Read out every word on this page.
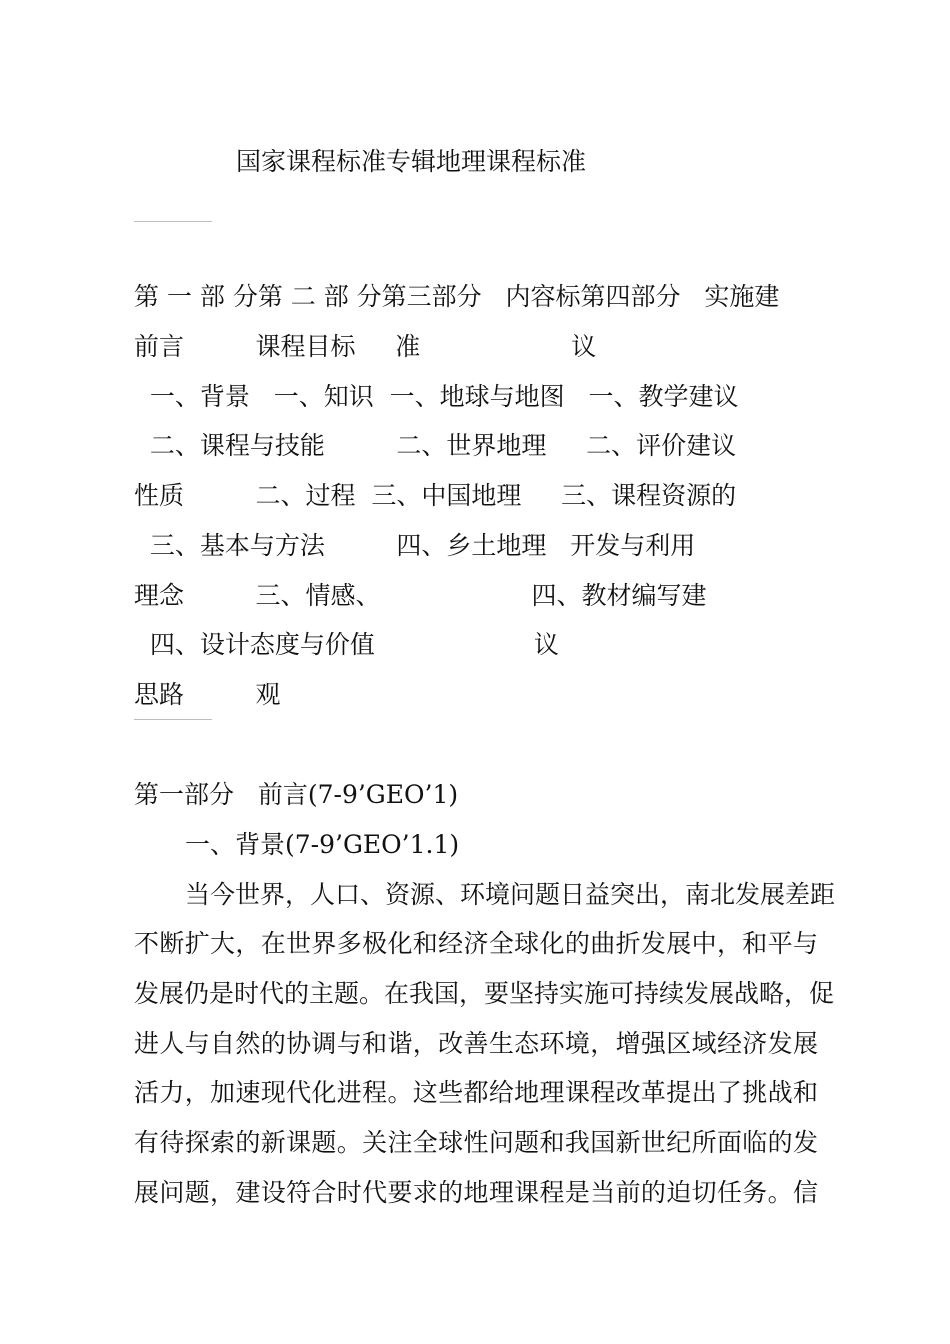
国家课程标准专辑地理课程标准
第 一 部 分第 二 部 分第三部分   内容标第四部分   实施建
前言         课程目标     准                   议
一、背景   一、知识  一、地球与地图   一、教学建议
二、课程与技能         二、世界地理     二、评价建议
性质         二、过程  三、中国地理     三、课程资源的
三、基本与方法         四、乡土地理   开发与利用
理念         三、情感、                   四、教材编写建
四、设计态度与价值                    议
思路         观
第一部分   前言(7-9’GEO’1)
一、背景(7-9’GEO’1.1)
当今世界，人口、资源、环境问题日益突出，南北发展差距
不断扩大，在世界多极化和经济全球化的曲折发展中，和平与
发展仍是时代的主题。在我国，要坚持实施可持续发展战略，促
进人与自然的协调与和谐，改善生态环境，增强区域经济发展
活力，加速现代化进程。这些都给地理课程改革提出了挑战和
有待探索的新课题。关注全球性问题和我国新世纪所面临的发
展问题，建设符合时代要求的地理课程是当前的迫切任务。信
